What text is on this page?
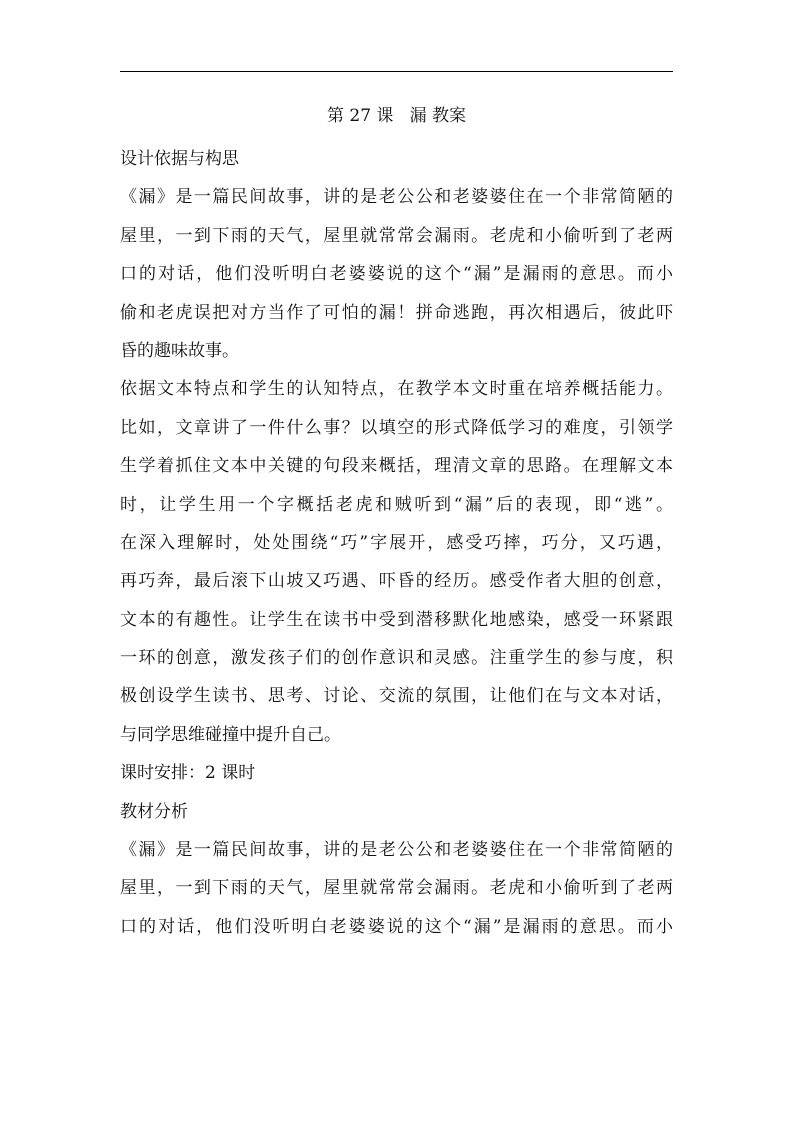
第 27 课   漏 教案
设计依据与构思
《漏》是一篇民间故事，讲的是老公公和老婆婆住在一个非常简陋的
屋里，一到下雨的天气，屋里就常常会漏雨。老虎和小偷听到了老两
口的对话，他们没听明白老婆婆说的这个“漏”是漏雨的意思。而小
偷和老虎误把对方当作了可怕的漏！拼命逃跑，再次相遇后，彼此吓
昏的趣味故事。
依据文本特点和学生的认知特点，在教学本文时重在培养概括能力。
比如，文章讲了一件什么事？以填空的形式降低学习的难度，引领学
生学着抓住文本中关键的句段来概括，理清文章的思路。在理解文本
时，让学生用一个字概括老虎和贼听到“漏”后的表现，即“逃”。
在深入理解时，处处围绕“巧”字展开，感受巧摔，巧分，又巧遇，
再巧奔，最后滚下山坡又巧遇、吓昏的经历。感受作者大胆的创意，
文本的有趣性。让学生在读书中受到潜移默化地感染，感受一环紧跟
一环的创意，激发孩子们的创作意识和灵感。注重学生的参与度，积
极创设学生读书、思考、讨论、交流的氛围，让他们在与文本对话，
与同学思维碰撞中提升自己。
课时安排：2 课时
教材分析
《漏》是一篇民间故事，讲的是老公公和老婆婆住在一个非常简陋的
屋里，一到下雨的天气，屋里就常常会漏雨。老虎和小偷听到了老两
口的对话，他们没听明白老婆婆说的这个“漏”是漏雨的意思。而小
